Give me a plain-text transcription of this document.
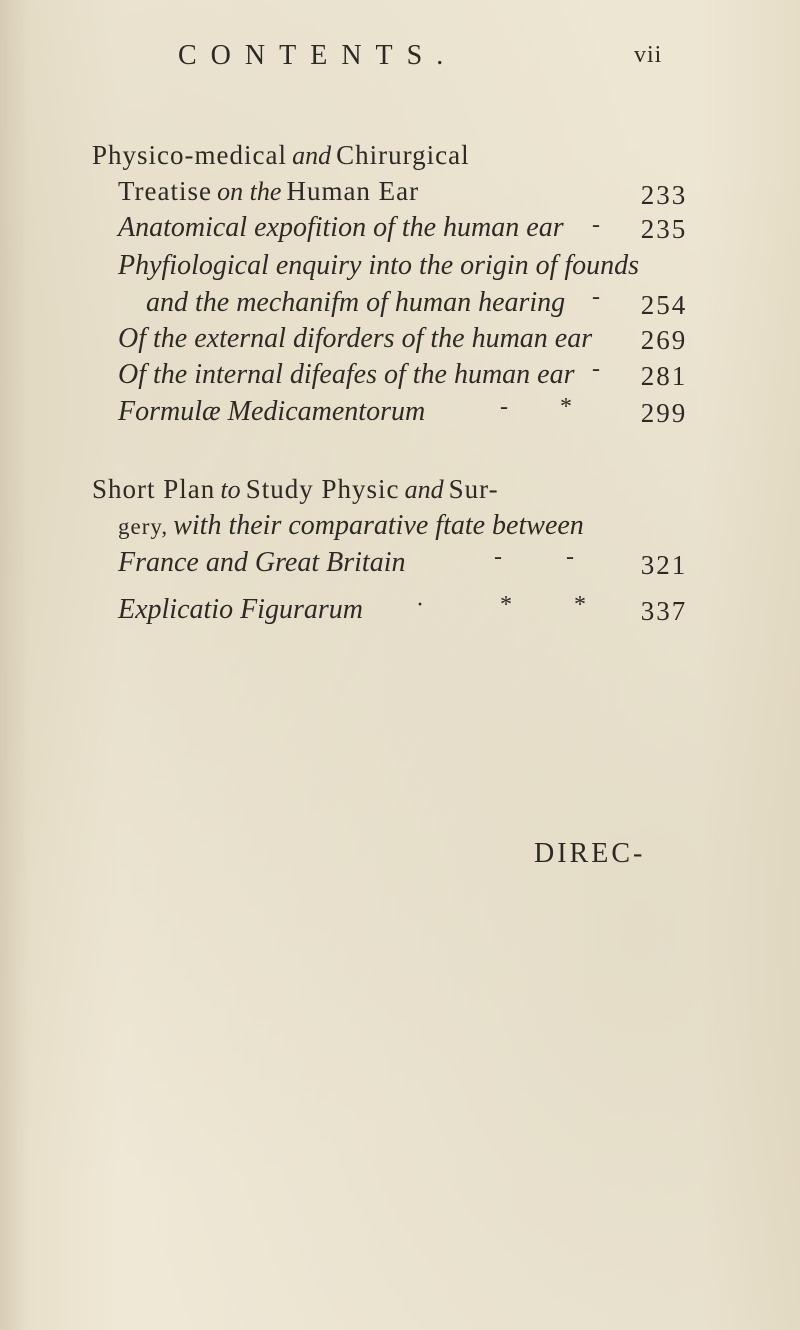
CONTENTS.	vii
Physico-medical and Chirurgical
Treatise on the Human Ear	233
Anatomical expofition of the human ear -	235
Phyfiological enquiry into the origin of founds
and the mechanifm of human hearing -	254
Of the external diforders of the human ear	269
Of the internal difeafes of the human ear -	281
Formulæ Medicamentorum	- *	299
Short Plan to Study Physic and Sur-
gery, with their comparative ftate between
France and Great Britain	-	-	321
Explicatio Figurarum ·	*	*	337
DIREC-
